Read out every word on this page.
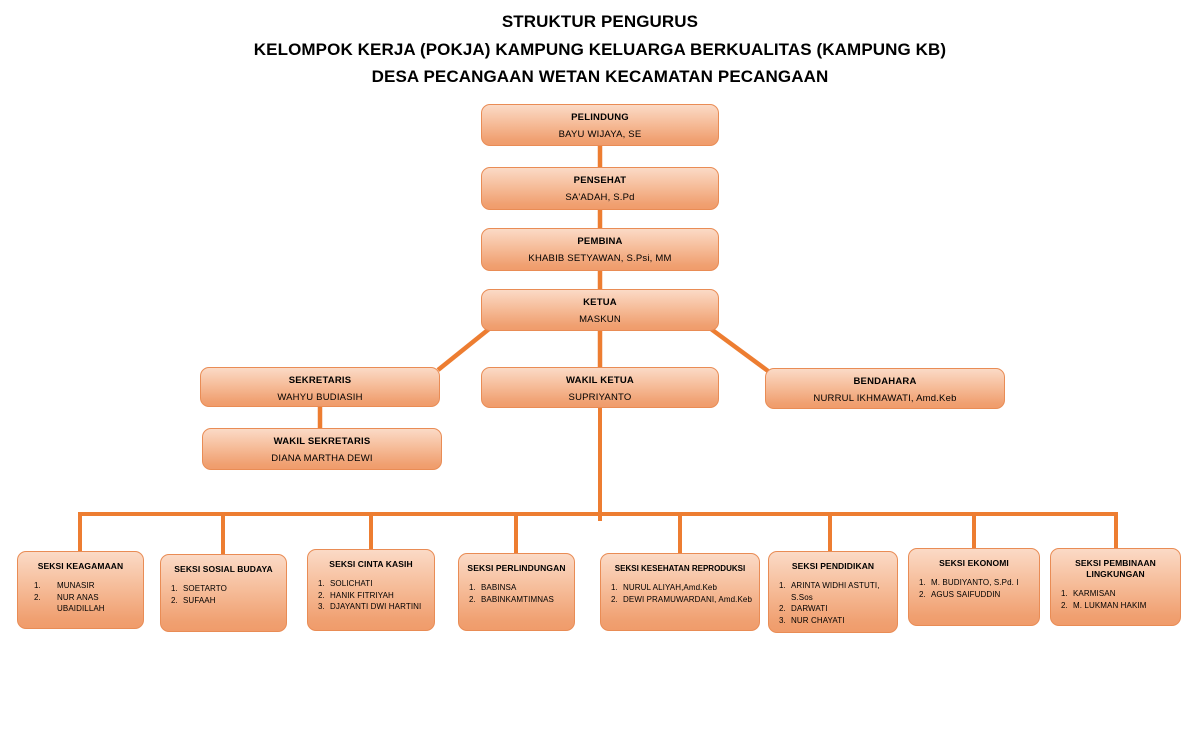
STRUKTUR PENGURUS
KELOMPOK KERJA (POKJA) KAMPUNG KELUARGA BERKUALITAS (KAMPUNG KB)
DESA PECANGAAN WETAN KECAMATAN PECANGAAN
PELINDUNG
BAYU WIJAYA, SE
PENSEHAT
SA'ADAH, S.Pd
PEMBINA
KHABIB SETYAWAN, S.Psi, MM
KETUA
MASKUN
SEKRETARIS
WAHYU BUDIASIH
WAKIL KETUA
SUPRIYANTO
BENDAHARA
NURRUL IKHMAWATI, Amd.Keb
WAKIL SEKRETARIS
DIANA MARTHA DEWI
SEKSI KEAGAMAAN
1.	MUNASIR
2.	NUR ANAS UBAIDILLAH
SEKSI SOSIAL BUDAYA
1. SOETARTO
2. SUFAAH
SEKSI CINTA KASIH
1. SOLICHATI
2. HANIK FITRIYAH
3. DJAYANTI DWI HARTINI
SEKSI PERLINDUNGAN
1. BABINSA
2. BABINKAMTIMNAS
SEKSI KESEHATAN REPRODUKSI
1. NURUL ALIYAH,Amd.Keb
2. DEWI PRAMUWARDANI, Amd.Keb
SEKSI PENDIDIKAN
1. ARINTA WIDHI ASTUTI, S.Sos
2. DARWATI
3. NUR CHAYATI
SEKSI EKONOMI
1. M. BUDIYANTO, S.Pd. I
2. AGUS SAIFUDDIN
SEKSI PEMBINAAN LINGKUNGAN
1. KARMISAN
2. M. LUKMAN HAKIM
